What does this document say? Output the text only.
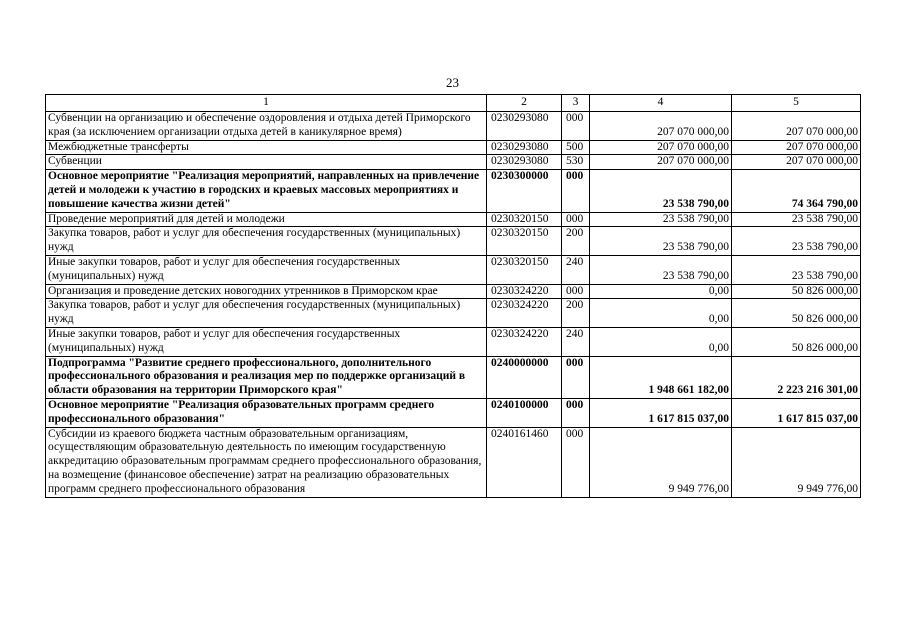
23
1	2	3	4	5
Субвенции на организацию и обеспечение оздоровления и отдыха детей Приморского края (за исключением организации отдыха детей в каникулярное время)	0230293080	000	207 070 000,00	207 070 000,00
Межбюджетные трансферты	0230293080	500	207 070 000,00	207 070 000,00
Субвенции	0230293080	530	207 070 000,00	207 070 000,00
Основное мероприятие "Реализация мероприятий, направленных на привлечение детей и молодежи к участию в городских и краевых массовых мероприятиях и повышение качества жизни детей"	0230300000	000	23 538 790,00	74 364 790,00
Проведение мероприятий для детей и молодежи	0230320150	000	23 538 790,00	23 538 790,00
Закупка товаров, работ и услуг для обеспечения государственных (муниципальных) нужд	0230320150	200	23 538 790,00	23 538 790,00
Иные закупки товаров, работ и услуг для обеспечения государственных (муниципальных) нужд	0230320150	240	23 538 790,00	23 538 790,00
Организация и проведение детских новогодних утренников в Приморском крае	0230324220	000	0,00	50 826 000,00
Закупка товаров, работ и услуг для обеспечения государственных (муниципальных) нужд	0230324220	200	0,00	50 826 000,00
Иные закупки товаров, работ и услуг для обеспечения государственных (муниципальных) нужд	0230324220	240	0,00	50 826 000,00
Подпрограмма "Развитие среднего профессионального, дополнительного профессионального образования и реализация мер по поддержке организаций в области образования на территории Приморского края"	0240000000	000	1 948 661 182,00	2 223 216 301,00
Основное мероприятие "Реализация образовательных программ среднего профессионального образования"	0240100000	000	1 617 815 037,00	1 617 815 037,00
Субсидии из краевого бюджета частным образовательным организациям, осуществляющим образовательную деятельность по имеющим государственную аккредитацию образовательным программам среднего профессионального образования, на возмещение (финансовое обеспечение) затрат на реализацию образовательных программ среднего профессионального образования	0240161460	000	9 949 776,00	9 949 776,00
